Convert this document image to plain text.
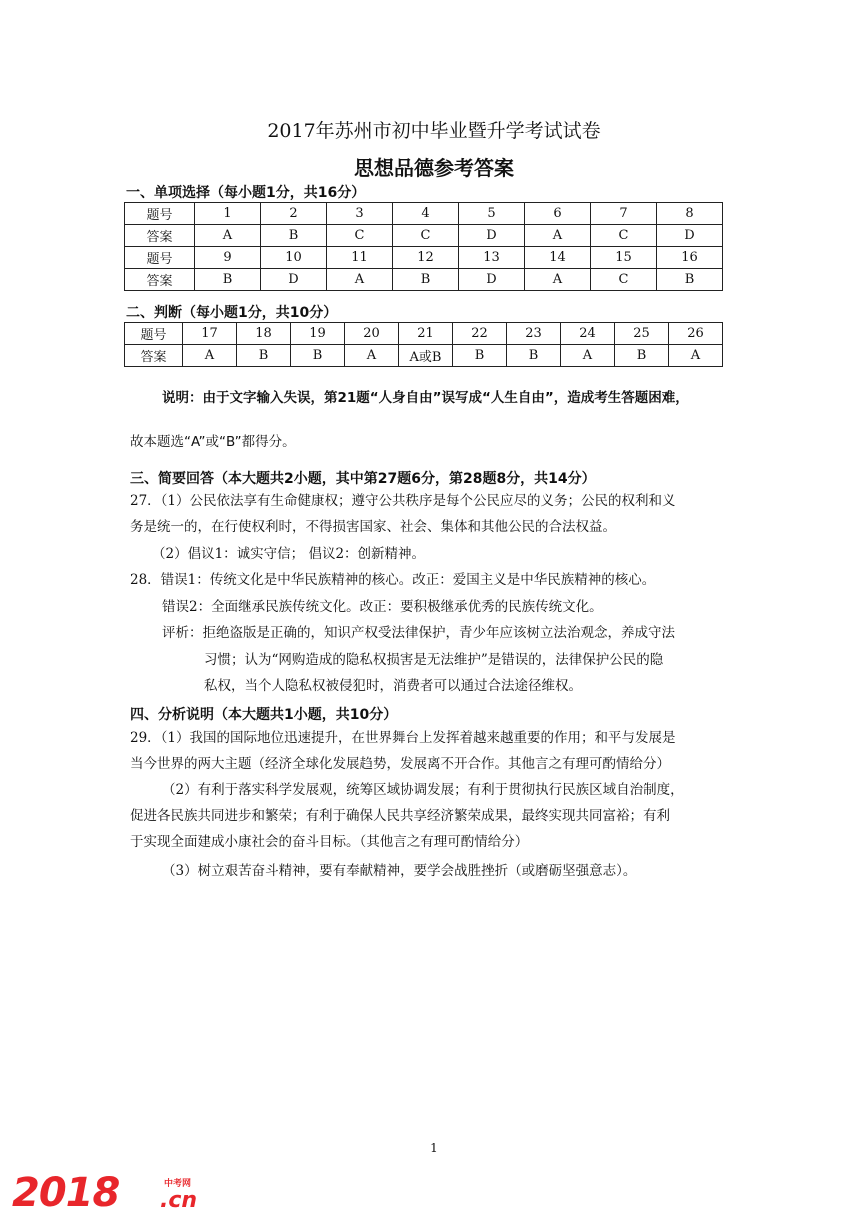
2017年苏州市初中毕业暨升学考试试卷
思想品德参考答案
一、单项选择（每小题1分，共16分）
题号	1	2	3	4	5	6	7	8
答案	A	B	C	C	D	A	C	D
题号	9	10	11	12	13	14	15	16
答案	B	D	A	B	D	A	C	B
二、判断（每小题1分，共10分）
题号	17	18	19	20	21	22	23	24	25	26
答案	A	B	B	A	A或B	B	B	A	B	A
说明：由于文字输入失误，第21题“人身自由”误写成“人生自由”，造成考生答题困难，
故本题选“A”或“B”都得分。
三、简要回答（本大题共2小题，其中第27题6分，第28题8分，共14分）
27．（1）公民依法享有生命健康权；遵守公共秩序是每个公民应尽的义务；公民的权利和义
务是统一的，在行使权利时，不得损害国家、社会、集体和其他公民的合法权益。
（2）倡议1：诚实守信； 倡议2：创新精神。
28．错误1：传统文化是中华民族精神的核心。改正：爱国主义是中华民族精神的核心。
错误2：全面继承民族传统文化。改正：要积极继承优秀的民族传统文化。
评析：拒绝盗版是正确的，知识产权受法律保护，青少年应该树立法治观念，养成守法
习惯；认为“网购造成的隐私权损害是无法维护”是错误的，法律保护公民的隐
私权，当个人隐私权被侵犯时，消费者可以通过合法途径维权。
四、分析说明（本大题共1小题，共10分）
29．（1）我国的国际地位迅速提升，在世界舞台上发挥着越来越重要的作用；和平与发展是
当今世界的两大主题（经济全球化发展趋势，发展离不开合作。其他言之有理可酌情给分）
（2）有利于落实科学发展观，统筹区域协调发展；有利于贯彻执行民族区域自治制度，
促进各民族共同进步和繁荣；有利于确保人民共享经济繁荣成果，最终实现共同富裕；有利
于实现全面建成小康社会的奋斗目标。（其他言之有理可酌情给分）
（3）树立艰苦奋斗精神，要有奉献精神，要学会战胜挫折（或磨砺坚强意志）。
1
2018	中考网
.cn
